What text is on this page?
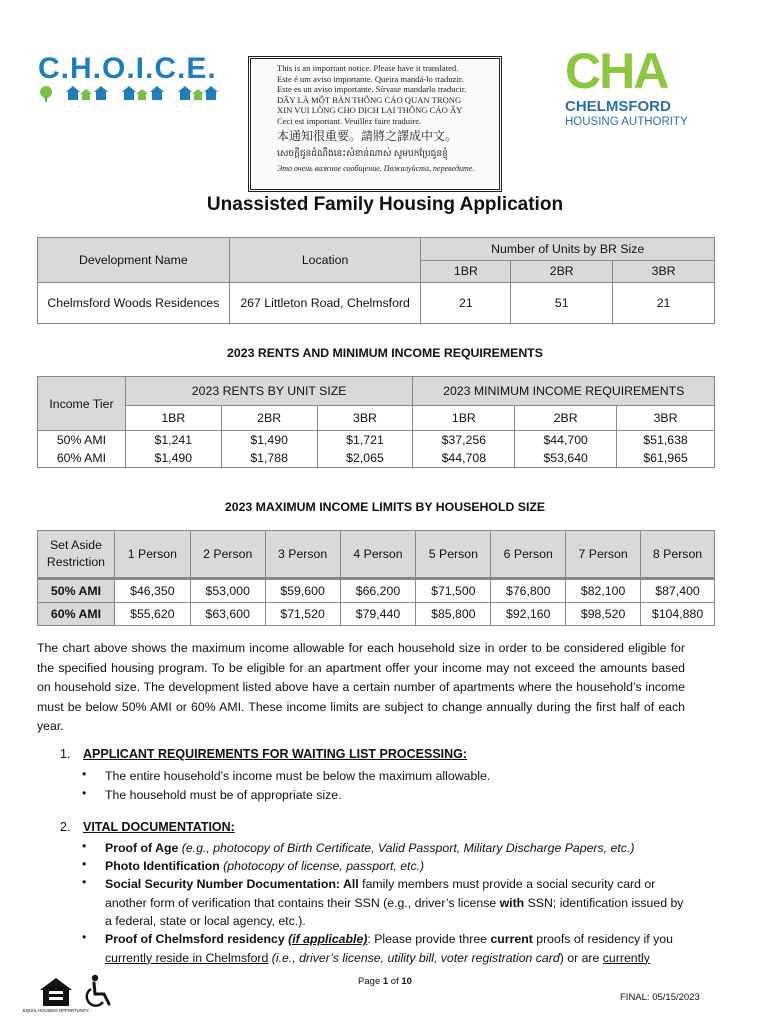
C.H.O.I.C.E.	This is an important notice. Please have it translated.
Este é um aviso importante. Queira mandá-lo traduzir.
Este es un aviso importante. Sírvase mandarlo traducir.
ĐÂY LÀ MỘT BẢN THÔNG CÁO QUAN TRỌNG
XIN VUI LÒNG CHO DỊCH LẠI THÔNG CÁO ẤY
Ceci est important. Veuillez faire traduire.
本通知很重要。請將之譯成中文。
សេចក្តីជូនដំណឹងនេះសំខាន់ណាស់ សូមបកប្រែជូនខ្ញុំ
Это очень важное сообщение. Пожалуйста, переведите.
CHA
CHELMSFORD
HOUSING AUTHORITY
Unassisted Family Housing Application
Development Name	Location	Number of Units by BR Size		
		1BR	2BR	3BR
Chelmsford Woods Residences	267 Littleton Road, Chelmsford	21	51	21
2023 RENTS AND MINIMUM INCOME REQUIREMENTS
Income Tier	2023 RENTS BY UNIT SIZE			2023 MINIMUM INCOME REQUIREMENTS		
	1BR	2BR	3BR	1BR	2BR	3BR
50% AMI	$1,241	$1,490	$1,721	$37,256	$44,700	$51,638
60% AMI	$1,490	$1,788	$2,065	$44,708	$53,640	$61,965
2023 MAXIMUM INCOME LIMITS BY HOUSEHOLD SIZE
Set Aside
Restriction	1 Person	2 Person	3 Person	4 Person	5 Person	6 Person	7 Person	8 Person
50% AMI	$46,350	$53,000	$59,600	$66,200	$71,500	$76,800	$82,100	$87,400
60% AMI	$55,620	$63,600	$71,520	$79,440	$85,800	$92,160	$98,520	$104,880
The chart above shows the maximum income allowable for each household size in order to be considered eligible for the specified housing program. To be eligible for an apartment offer your income may not exceed the amounts based on household size. The development listed above have a certain number of apartments where the household’s income must be below 50% AMI or 60% AMI. These income limits are subject to change annually during the first half of each year.
1. APPLICANT REQUIREMENTS FOR WAITING LIST PROCESSING:
• The entire household’s income must be below the maximum allowable.
• The household must be of appropriate size.
2. VITAL DOCUMENTATION:
• Proof of Age (e.g., photocopy of Birth Certificate, Valid Passport, Military Discharge Papers, etc.)
• Photo Identification (photocopy of license, passport, etc.)
• Social Security Number Documentation: All family members must provide a social security card or another form of verification that contains their SSN (e.g., driver’s license with SSN; identification issued by a federal, state or local agency, etc.).
• Proof of Chelmsford residency (if applicable): Please provide three current proofs of residency if you currently reside in Chelmsford (i.e., driver’s license, utility bill, voter registration card) or are currently
EQUAL HOUSING OPPORTUNITY
Page 1 of 10
FINAL: 05/15/2023
